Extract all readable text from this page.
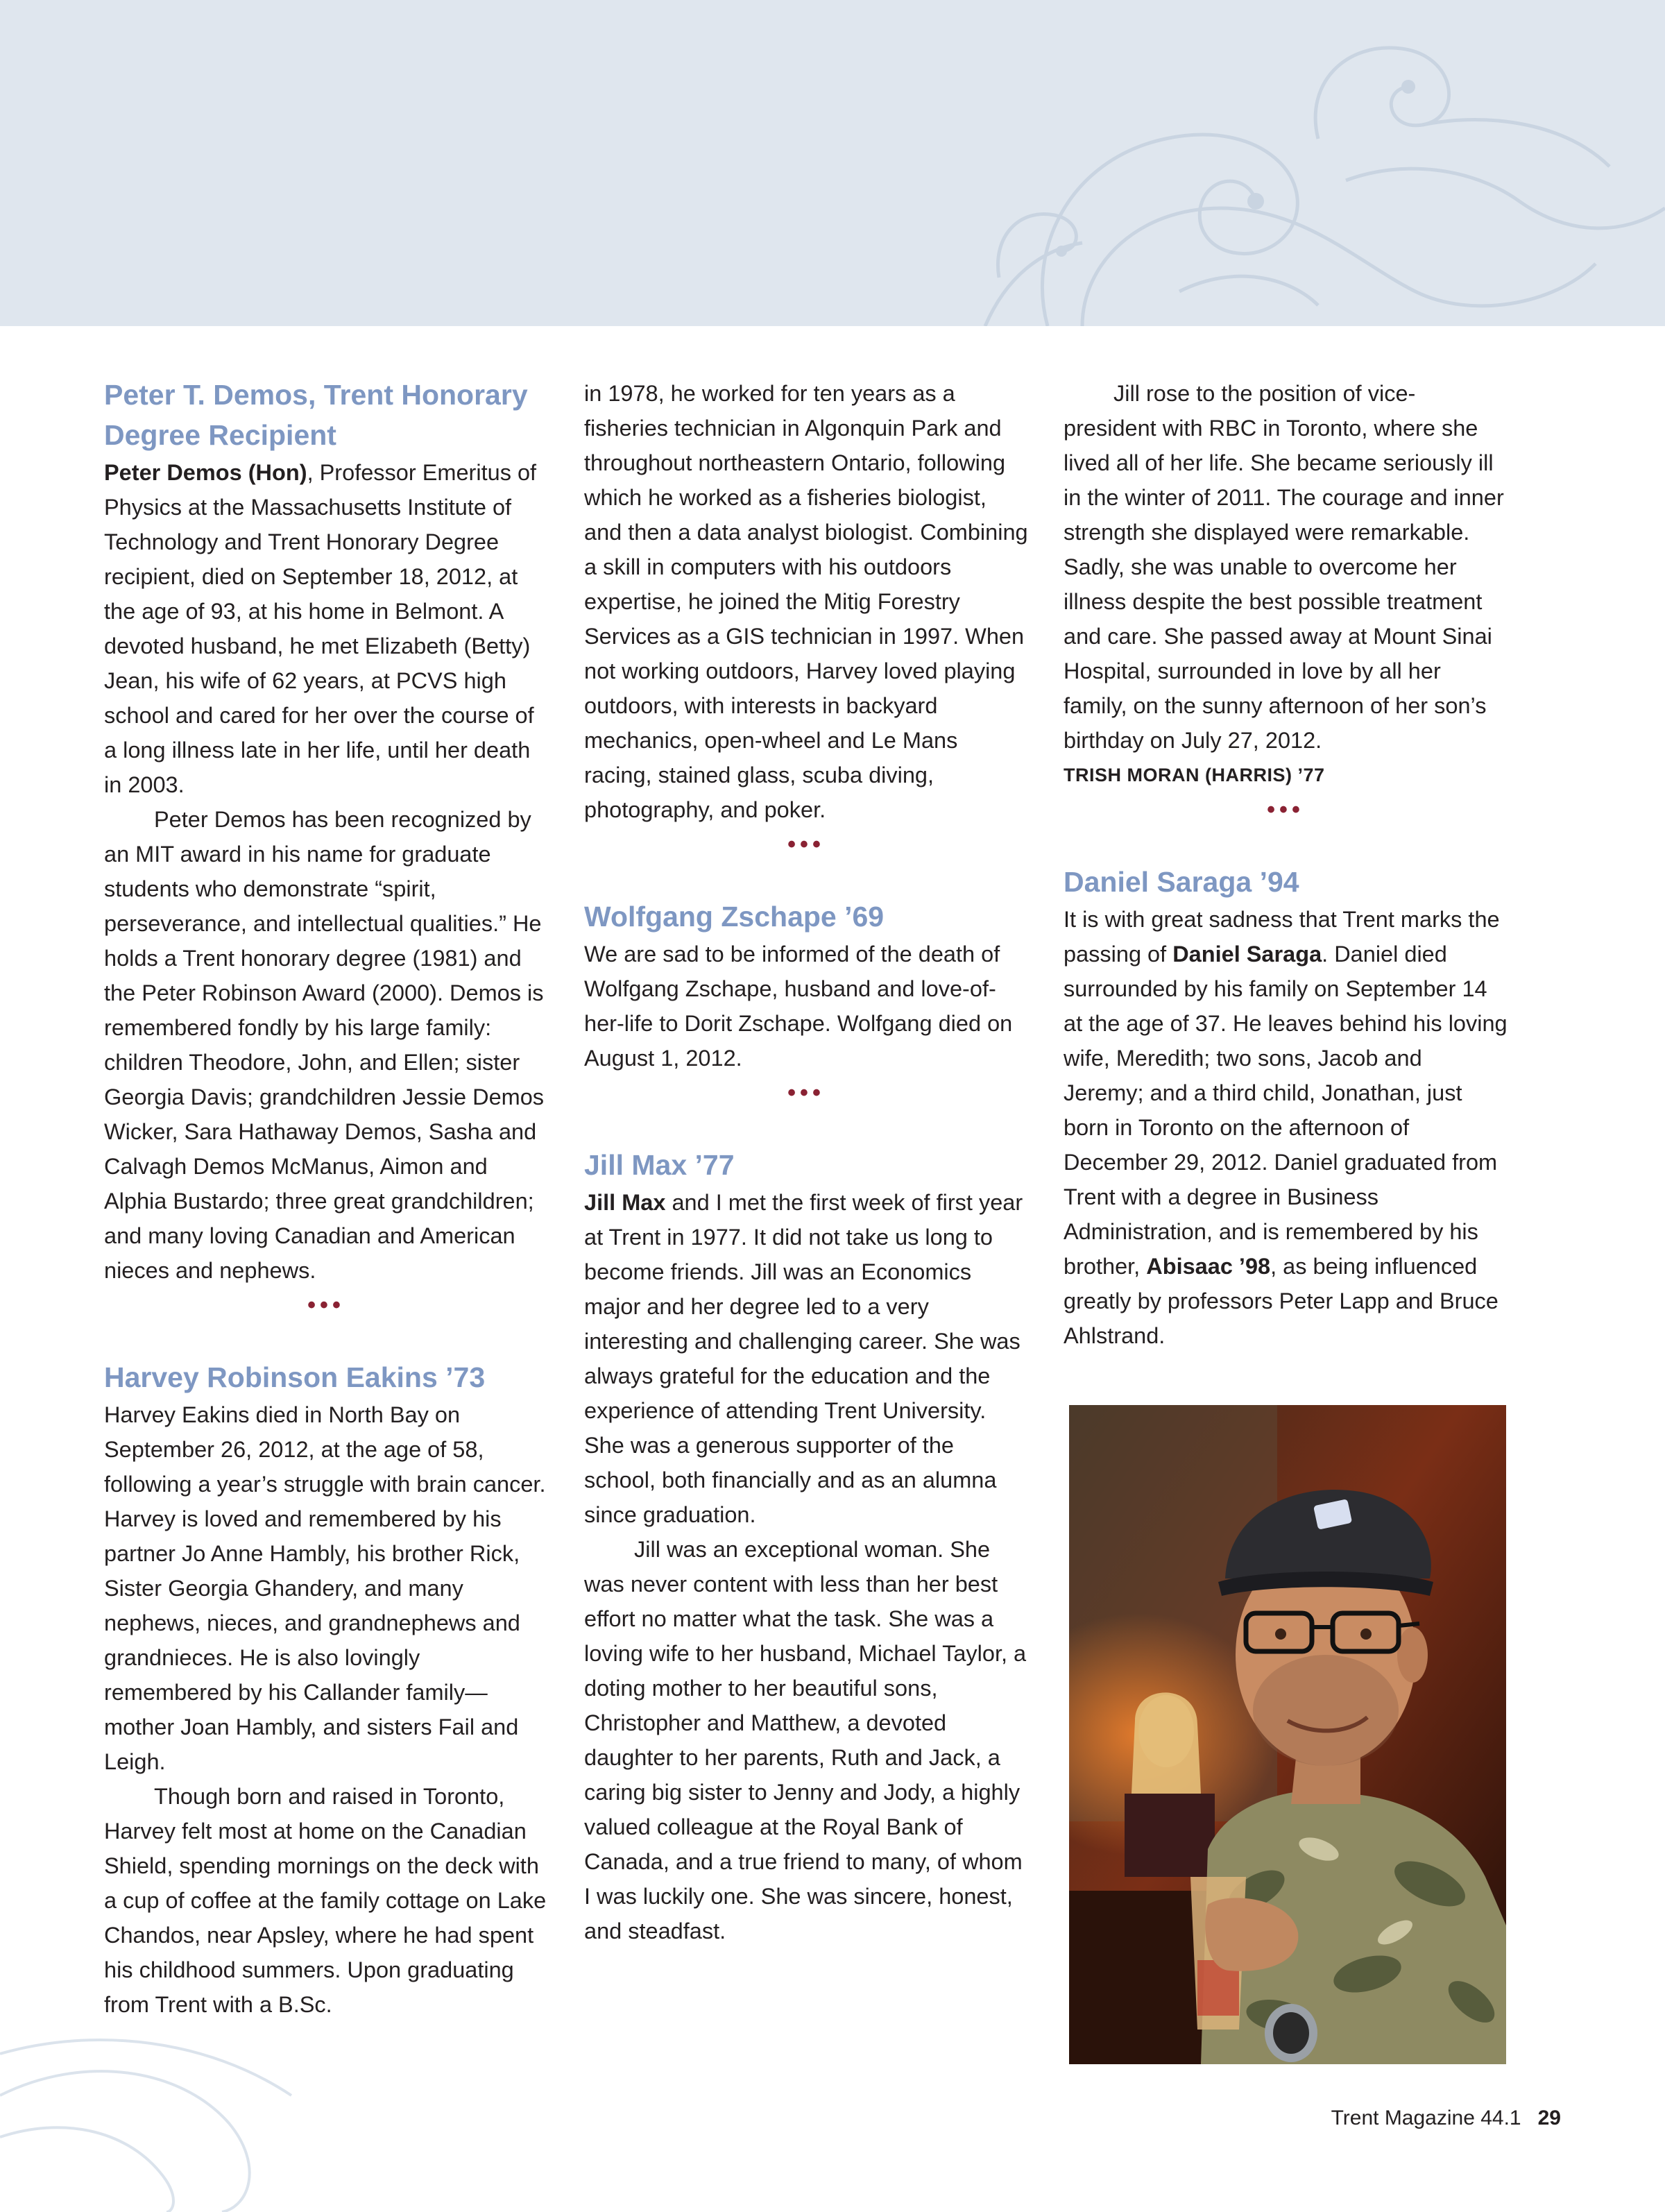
Peter T. Demos, Trent Honorary Degree Recipient

Peter Demos (Hon), Professor Emeritus of Physics at the Massachusetts Institute of Technology and Trent Honorary Degree recipient, died on September 18, 2012, at the age of 93, at his home in Belmont. A devoted husband, he met Elizabeth (Betty) Jean, his wife of 62 years, at PCVS high school and cared for her over the course of a long illness late in her life, until her death in 2003.

Peter Demos has been recognized by an MIT award in his name for graduate students who demonstrate “spirit, perseverance, and intellectual qualities.” He holds a Trent honorary degree (1981) and the Peter Robinson Award (2000). Demos is remembered fondly by his large family: children Theodore, John, and Ellen; sister Georgia Davis; grandchildren Jessie Demos Wicker, Sara Hathaway Demos, Sasha and Calvagh Demos McManus, Aimon and Alphia Bustardo; three great grandchildren; and many loving Canadian and American nieces and nephews.

•••
Harvey Robinson Eakins ’73

Harvey Eakins died in North Bay on September 26, 2012, at the age of 58, following a year’s struggle with brain cancer. Harvey is loved and remembered by his partner Jo Anne Hambly, his brother Rick, Sister Georgia Ghandery, and many nephews, nieces, and grandnephews and grandnieces. He is also lovingly remembered by his Callander family—mother Joan Hambly, and sisters Fail and Leigh.

Though born and raised in Toronto, Harvey felt most at home on the Canadian Shield, spending mornings on the deck with a cup of coffee at the family cottage on Lake Chandos, near Apsley, where he had spent his childhood summers. Upon graduating from Trent with a B.Sc.

in 1978, he worked for ten years as a fisheries technician in Algonquin Park and throughout northeastern Ontario, following which he worked as a fisheries biologist, and then a data analyst biologist. Combining a skill in computers with his outdoors expertise, he joined the Mitig Forestry Services as a GIS technician in 1997. When not working outdoors, Harvey loved playing outdoors, with interests in backyard mechanics, open-wheel and Le Mans racing, stained glass, scuba diving, photography, and poker.

•••
Wolfgang Zschape ’69

We are sad to be informed of the death of Wolfgang Zschape, husband and love-of-her-life to Dorit Zschape. Wolfgang died on August 1, 2012.

•••
Jill Max ’77

Jill Max and I met the first week of first year at Trent in 1977. It did not take us long to become friends. Jill was an Economics major and her degree led to a very interesting and challenging career. She was always grateful for the education and the experience of attending Trent University. She was a generous supporter of the school, both financially and as an alumna since graduation.

Jill was an exceptional woman. She was never content with less than her best effort no matter what the task. She was a loving wife to her husband, Michael Taylor, a doting mother to her beautiful sons, Christopher and Matthew, a devoted daughter to her parents, Ruth and Jack, a caring big sister to Jenny and Jody, a highly valued colleague at the Royal Bank of Canada, and a true friend to many, of whom I was luckily one. She was sincere, honest, and steadfast.

Jill rose to the position of vice-president with RBC in Toronto, where she lived all of her life. She became seriously ill in the winter of 2011. The courage and inner strength she displayed were remarkable. Sadly, she was unable to overcome her illness despite the best possible treatment and care. She passed away at Mount Sinai Hospital, surrounded in love by all her family, on the sunny afternoon of her son’s birthday on July 27, 2012.

TRISH MORAN (HARRIS) ’77
•••
Daniel Saraga ’94

It is with great sadness that Trent marks the passing of Daniel Saraga. Daniel died surrounded by his family on September 14 at the age of 37. He leaves behind his loving wife, Meredith; two sons, Jacob and Jeremy; and a third child, Jonathan, just born in Toronto on the afternoon of December 29, 2012. Daniel graduated from Trent with a degree in Business Administration, and is remembered by his brother, Abisaac ’98, as being influenced greatly by professors Peter Lapp and Bruce Ahlstrand.

Trent Magazine 44.1 29
